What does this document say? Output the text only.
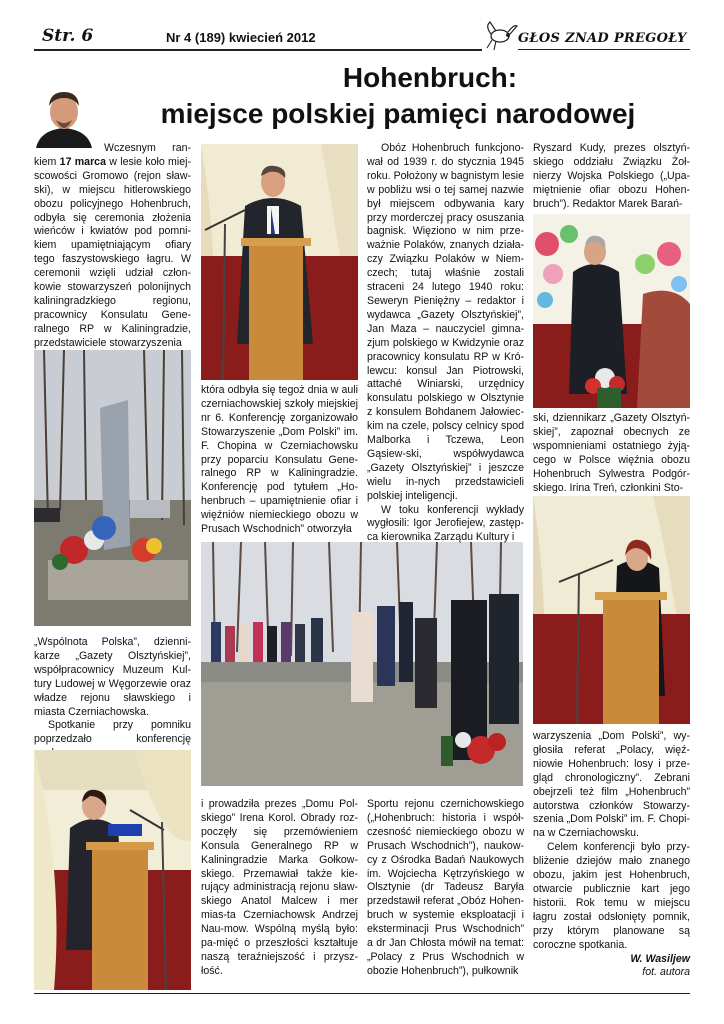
Str. 6	Nr 4 (189) kwiecień 2012	GŁOS ZNAD PREGOŁY
Hohenbruch:
miejsce polskiej pamięci narodowej

Wczesnym ran-kiem 17 marca w lesie koło miej-scowości Gromowo (rejon sław-ski), w miejscu hitlerowskiego obozu policyjnego Hohenbruch, odbyła się ceremonia złożenia wieńców i kwiatów pod pomni-kiem upamiętniającym ofiary tego faszystowskiego łagru. W ceremonii wzięli udział człon-kowie stowarzyszeń polonijnych kaliningradzkiego regionu, pracownicy Konsulatu Gene-ralnego RP w Kaliningradzie, przedstawiciele stowarzyszenia

„Wspólnota Polska”, dzienni-karze „Gazety Olsztyńskiej”, współpracownicy Muzeum Kul-tury Ludowej w Węgorzewie oraz władze rejonu sławskiego i miasta Czerniachowska.

Spotkanie przy pomniku poprzedzało konferencję

która odbyła się tegoż dnia w auli czerniachowskiej szkoły miejskiej nr 6. Konferencję zorganizowało Stowarzyszenie „Dom Polski” im. F. Chopina w Czerniachowsku przy poparciu Konsulatu Gene-ralnego RP w Kaliningradzie. Konferencję pod tytułem „Ho-henbruch – upamiętnienie ofiar i więźniów niemieckiego obozu w Prusach Wschodnich” otworzyła

i prowadziła prezes „Domu Pol-skiego” Irena Korol. Obrady roz-poczęły się przemówieniem Konsula Generalnego RP w Kaliningradzie Marka Gołkow-skiego. Przemawiał także kie-rujący administracją rejonu sław-skiego Anatol Malcew i mer mias-ta Czerniachowsk Andrzej Nau-mow. Wspólną myślą było: pa-mięć o przeszłości kształtuje naszą teraźniejszość i przysz-łość.

Obóz Hohenbruch funkcjono-wał od 1939 r. do stycznia 1945 roku. Położony w bagnistym lesie w pobliżu wsi o tej samej nazwie był miejscem odbywania kary przy morderczej pracy osuszania bagnisk. Więziono w nim prze-ważnie Polaków, znanych działa-czy Związku Polaków w Niem-czech; tutaj właśnie zostali straceni 24 lutego 1940 roku: Seweryn Pieniężny – redaktor i wydawca „Gazety Olsztyńskiej”, Jan Maza – nauczyciel gimna-zjum polskiego w Kwidzynie oraz pracownicy konsulatu RP w Kró-lewcu: konsul Jan Piotrowski, attaché Winiarski, urzędnicy konsulatu polskiego w Olsztynie z konsulem Bohdanem Jałowiec-kim na czele, polscy celnicy spod Malborka i Tczewa, Leon Gąsiew-ski, współwydawca „Gazety Olsztyńskiej” i jeszcze wielu in-nych przedstawicieli polskiej inteligencji.

W toku konferencji wykłady wygłosili: Igor Jerofiejew, zastęp-ca kierownika Zarządu Kultury i

Sportu rejonu czernichowskiego („Hohenbruch: historia i współ-czesność niemieckiego obozu w Prusach Wschodnich”), naukow-cy z Ośrodka Badań Naukowych im. Wojciecha Kętrzyńskiego w Olsztynie (dr Tadeusz Baryła przedstawił referat „Obóz Hohen-bruch w systemie eksploatacji i eksterminacji Prus Wschodnich” a dr Jan Chłosta mówił na temat: „Polacy z Prus Wschodnich w obozie Hohenbruch”), pułkownik

Ryszard Kudy, prezes olsztyń-skiego oddziału Związku Żoł-nierzy Wojska Polskiego („Upa-miętnienie ofiar obozu Hohen-bruch”). Redaktor Marek Barań-

ski, dziennikarz „Gazety Olsztyń-skiej”, zapoznał obecnych ze wspomnieniami ostatniego żyją-cego w Polsce więźnia obozu Hohenbruch Sylwestra Podgór-skiego. Irina Treń, członkini Sto-

warzyszenia „Dom Polski”, wy-głosiła referat „Polacy, więź-niowie Hohenbruch: losy i prze-gląd chronologiczny”. Zebrani obejrzeli też film „Hohenbruch” autorstwa członków Stowarzy-szenia „Dom Polski” im. F. Chopi-na w Czerniachowsku.

Celem konferencji było przy-bliżenie dziejów mało znanego obozu, jakim jest Hohenbruch, otwarcie publicznie kart jego historii. Rok temu w miejscu łagru został odsłonięty pomnik, przy którym planowane są coroczne spotkania.

W. Wasiljew

fot. autora
